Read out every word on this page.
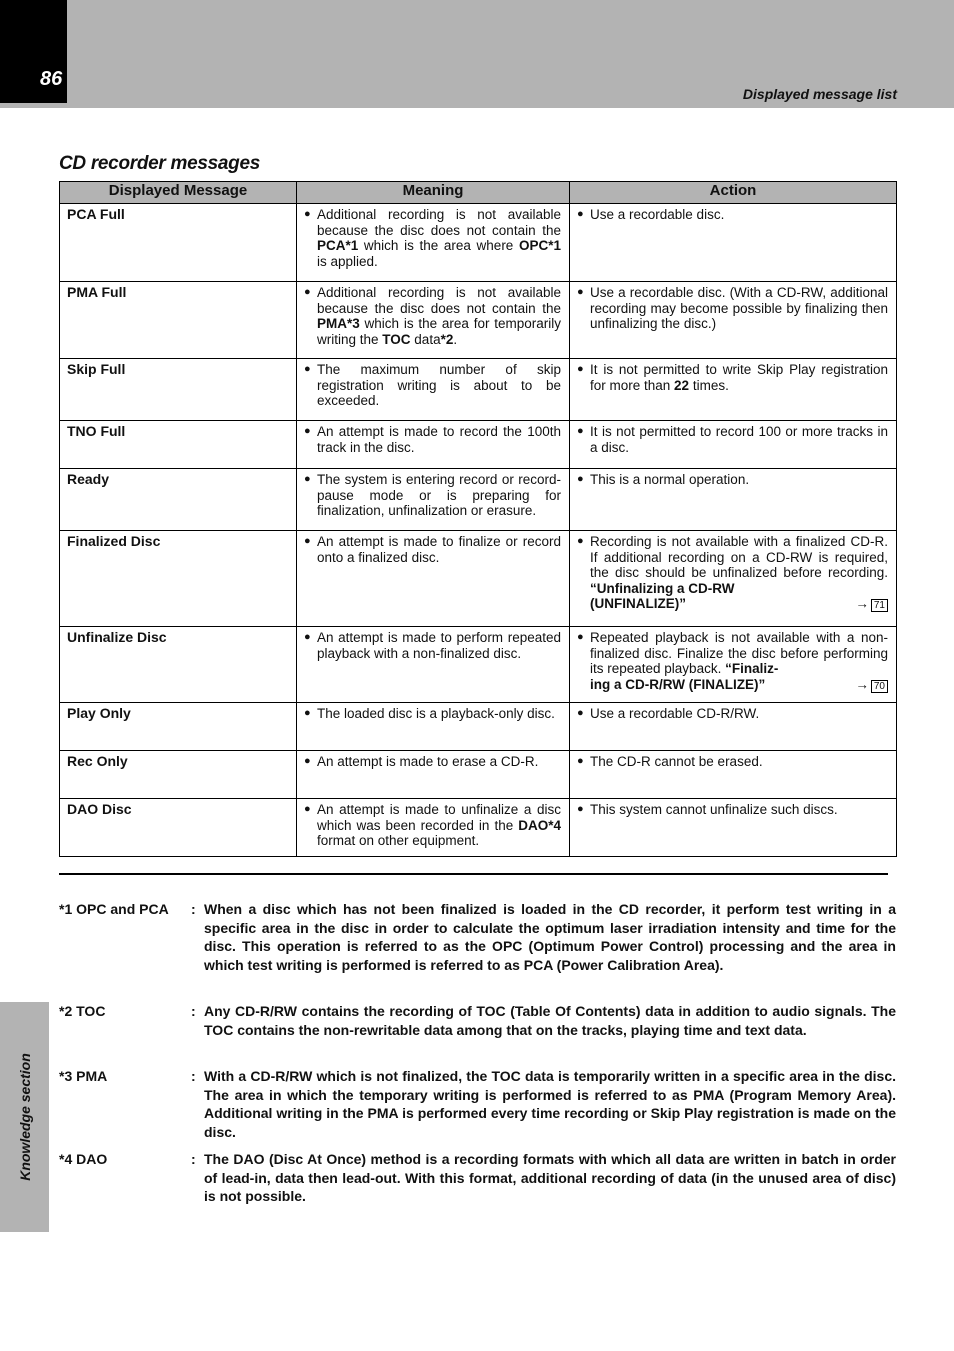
86
Displayed message list
CD recorder messages
Displayed Message	Meaning	Action
PCA Full	● Additional recording is not available because the disc does not contain the PCA*1 which is the area where OPC*1 is applied.	● Use a recordable disc.

PMA Full	● Additional recording is not available because the disc does not contain the PMA*3 which is the area for temporarily writing the TOC data*2.	● Use a recordable disc. (With a CD-RW, additional recording may become possible by finalizing then unfinalizing the disc.)

Skip Full	● The maximum number of skip registration writing is about to be exceeded.	● It is not permitted to write Skip Play registration for more than 22 times.

TNO Full	● An attempt is made to record the 100th track in the disc.	● It is not permitted to record 100 or more tracks in a disc.

Ready	● The system is entering record or record-pause mode or is preparing for finalization, unfinalization or erasure.	● This is a normal operation.

Finalized Disc	● An attempt is made to finalize or record onto a finalized disc.	● Recording is not available with a finalized CD-R. If additional recording on a CD-RW is required, the disc should be unfinalized before recording. “Unfinalizing a CD-RW
(UNFINALIZE)” → 71

Unfinalize Disc	● An attempt is made to perform repeated playback with a non-finalized disc.	● Repeated playback is not available with a non-finalized disc. Finalize the disc before performing its repeated playback. “Finaliz-
ing a CD-R/RW (FINALIZE)” → 70

Play Only	● The loaded disc is a playback-only disc.	● Use a recordable CD-R/RW.

Rec Only	● An attempt is made to erase a CD-R.	● The CD-R cannot be erased.

DAO Disc	● An attempt is made to unfinalize a disc which was been recorded in the DAO*4 format on other equipment.	● This system cannot unfinalize such discs.
*1 OPC and PCA : When a disc which has not been finalized is loaded in the CD recorder, it perform test writing in a specific area in the disc in order to calculate the optimum laser irradiation intensity and time for the disc. This operation is referred to as the OPC (Optimum Power Control) processing and the area in which test writing is performed is referred to as PCA (Power Calibration Area).
*2 TOC	: Any CD-R/RW contains the recording of TOC (Table Of Contents) data in addition to audio signals. The TOC contains the non-rewritable data among that on the tracks, playing time and text data.
*3 PMA	: With a CD-R/RW which is not finalized, the TOC data is temporarily written in a specific area in the disc. The area in which the temporary writing is performed is referred to as PMA (Program Memory Area). Additional writing in the PMA is performed every time recording or Skip Play registration is made on the disc.
*4 DAO	: The DAO (Disc At Once) method is a recording formats with which all data are written in batch in order of lead-in, data then lead-out. With this format, additional recording of data (in the unused area of disc) is not possible.
Knowledge section
